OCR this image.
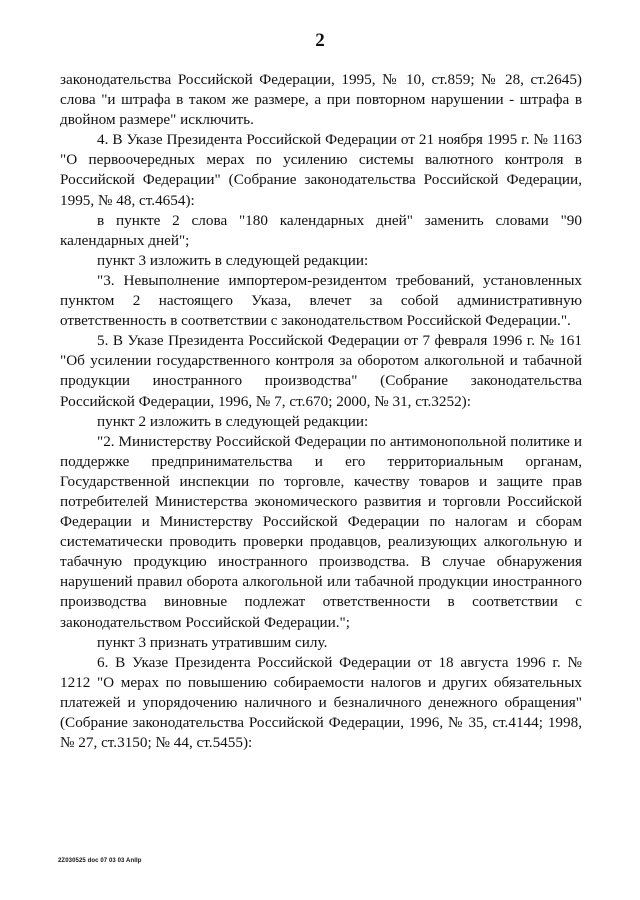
2

законодательства Российской Федерации, 1995, № 10, ст.859; № 28, ст.2645) слова "и штрафа в таком же размере, а при повторном нарушении - штрафа в двойном размере" исключить.

4. В Указе Президента Российской Федерации от 21 ноября 1995 г. № 1163 "О первоочередных мерах по усилению системы валютного контроля в Российской Федерации" (Собрание законодательства Российской Федерации, 1995, № 48, ст.4654):

в пункте 2 слова "180 календарных дней" заменить словами "90 календарных дней";

пункт 3 изложить в следующей редакции:

"3. Невыполнение импортером-резидентом требований, установленных пунктом 2 настоящего Указа, влечет за собой административную ответственность в соответствии с законодательством Российской Федерации.".

5. В Указе Президента Российской Федерации от 7 февраля 1996 г. № 161 "Об усилении государственного контроля за оборотом алкогольной и табачной продукции иностранного производства" (Собрание законодательства Российской Федерации, 1996, № 7, ст.670; 2000, № 31, ст.3252):

пункт 2 изложить в следующей редакции:

"2. Министерству Российской Федерации по антимонопольной политике и поддержке предпринимательства и его территориальным органам, Государственной инспекции по торговле, качеству товаров и защите прав потребителей Министерства экономического развития и торговли Российской Федерации и Министерству Российской Федерации по налогам и сборам систематически проводить проверки продавцов, реализующих алкогольную и табачную продукцию иностранного производства. В случае обнаружения нарушений правил оборота алкогольной или табачной продукции иностранного производства виновные подлежат ответственности в соответствии с законодательством Российской Федерации.";

пункт 3 признать утратившим силу.

6. В Указе Президента Российской Федерации от 18 августа 1996 г. № 1212 "О мерах по повышению собираемости налогов и других обязательных платежей и упорядочению наличного и безналичного денежного обращения" (Собрание законодательства Российской Федерации, 1996, № 35, ст.4144; 1998, № 27, ст.3150; № 44, ст.5455):

2Z030525 doc 07 03 03 AnlIp
